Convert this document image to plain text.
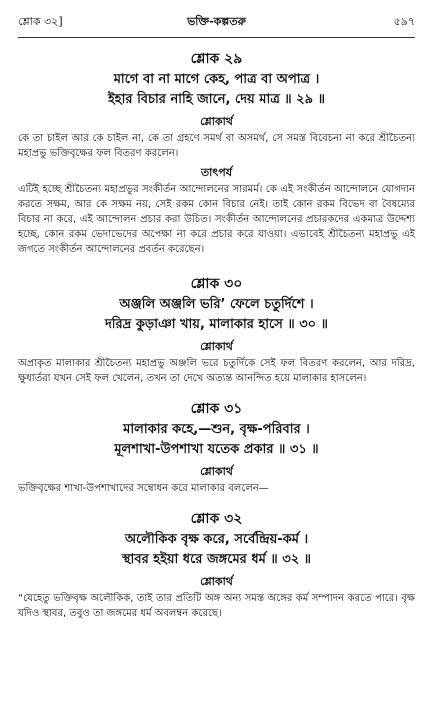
শ্লোক ৩২]	ভক্তি-কল্পতরু	৫৯৭
শ্লোক ২৯
মাগে বা না মাগে কেহ, পাত্র বা অপাত্র ।
ইহার বিচার নাহি জানে, দেয় মাত্র ॥ ২৯ ॥
শ্লোকার্থ
কে তা চাইল আর কে চাইল না, কে তা গ্রহণে সমর্থ বা অসমর্থ, সে সমস্ত বিবেচনা না করে শ্রীচৈতন্য মহাপ্রভু ভক্তিবৃক্ষের ফল বিতরণ করলেন।
তাৎপর্য
এটিই হচ্ছে শ্রীচৈতন্য মহাপ্রভুর সংকীর্তন আন্দোলনের সারমর্ম। কে এই সংকীর্তন আন্দোলনে যোগদান করতে সক্ষম, আর কে সক্ষম নয়, সেই রকম কোন বিচার নেই। তাই কোন রকম বিভেদ বা বৈষম্যের বিচার না করে, এই আন্দোলন প্রচার করা উচিত। সংকীর্তন আন্দোলনের প্রচারকদের একমাত্র উদ্দেশ্য হচ্ছে, কোন রকম ভেদাভেদের অপেক্ষা না করে প্রচার করে যাওয়া। এভাবেই শ্রীচৈতন্য মহাপ্রভু এই জগতে সংকীর্তন আন্দোলনের প্রবর্তন করেছেন।
শ্লোক ৩০
অঞ্জলি অঞ্জলি ভরি’ ফেলে চতুর্দিশে ।
দরিদ্র কুড়াঞা খায়, মালাকার হাসে ॥ ৩০ ॥
শ্লোকার্থ
অপ্রাকৃত মালাকার শ্রীচৈতন্য মহাপ্রভু অঞ্জলি ভরে চতুর্দিকে সেই ফল বিতরণ করলেন, আর দরিদ্র, ক্ষুধার্তরা যখন সেই ফল খেলেন, তখন তা দেখে অত্যন্ত আনন্দিত হয়ে মালাকার হাসলেন।
শ্লোক ৩১
মালাকার কহে,—শুন, বৃক্ষ-পরিবার ।
মূলশাখা-উপশাখা যতেক প্রকার ॥ ৩১ ॥
শ্লোকার্থ
ভক্তিবৃক্ষের শাখা-উপশাখাদের সম্বোধন করে মালাকার বললেন—
শ্লোক ৩২
অলৌকিক বৃক্ষ করে, সর্বেন্দ্রিয়-কর্ম ।
স্থাবর হইয়া ধরে জঙ্গমের ধর্ম ॥ ৩২ ॥
শ্লোকার্থ
“যেহেতু ভক্তিবৃক্ষ অলৌকিক, তাই তার প্রতিটি অঙ্গ অন্য সমস্ত অঙ্গের কর্ম সম্পাদন করতে পারে। বৃক্ষ যদিও স্থাবর, তবুও তা জঙ্গমের ধর্ম অবলম্বন করেছে।
